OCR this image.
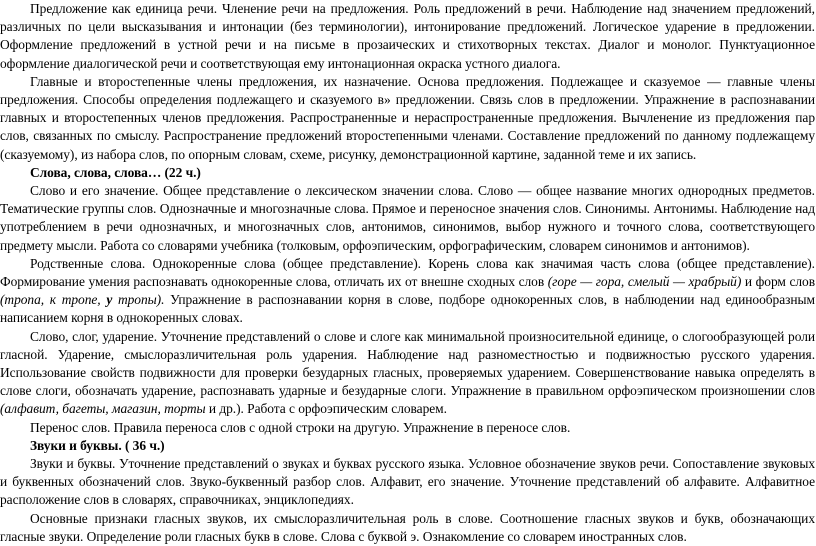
Предложение как единица речи. Членение речи на предложения. Роль предложений в речи. Наблюдение над значением предложений, различных по цели высказывания и интонации (без терминологии), интонирование предложений. Логическое ударение в предложении. Оформление предложений в устной речи и на письме в прозаических и стихотворных текстах. Диалог и монолог. Пунктуационное оформление диалогической речи и соответствующая ему интонационная окраска устного диалога.

Главные и второстепенные члены предложения, их назначение. Основа предложения. Подлежащее и сказуемое — главные члены предложения. Способы определения подлежащего и сказуемого в» предложении. Связь слов в предложении. Упражнение в распознавании главных и второстепенных членов предложения. Распространенные и нераспространенные предложения. Вычленение из предложения пар слов, связанных по смыслу. Распространение предложений второстепенными членами. Составление предложений по данному подлежащему (сказуемому), из набора слов, по опорным словам, схеме, рисунку, демонстрационной картине, заданной теме и их запись.

Слова, слова, слова… (22 ч.)

Слово и его значение. Общее представление о лексическом значении слова. Слово — общее название многих однородных предметов. Тематические группы слов. Однозначные и многозначные слова. Прямое и переносное значения слов. Синонимы. Антонимы. Наблюдение над употреблением в речи однозначных, и многозначных слов, антонимов, синонимов, выбор нужного и точного слова, соответствующего предмету мысли. Работа со словарями учебника (толковым, орфоэпическим, орфографическим, словарем синонимов и антонимов).

Родственные слова. Однокоренные слова (общее представление). Корень слова как значимая часть слова (общее представление). Формирование умения распознавать однокоренные слова, отличать их от внешне сходных слов (горе — гора, смелый — храбрый) и форм слов (тропа, к тропе, у тропы). Упражнение в распознавании корня в слове, подборе однокоренных слов, в наблюдении над единообразным написанием корня в однокоренных словах.

Слово, слог, ударение. Уточнение представлений о слове и слоге как минимальной произносительной единице, о слогообразующей роли гласной. Ударение, смыслоразличительная роль ударения. Наблюдение над разноместностью и подвижностью русского ударения. Использование свойств подвижности для проверки безударных гласных, проверяемых ударением. Совершенствование навыка определять в слове слоги, обозначать ударение, распознавать ударные и безударные слоги. Упражнение в правильном орфоэпическом произношении слов (алфавит, багеты, магазин, торты и др.). Работа с орфоэпическим словарем.

Перенос слов. Правила переноса слов с одной строки на другую. Упражнение в переносе слов.

Звуки и буквы. ( 36 ч.)

Звуки и буквы. Уточнение представлений о звуках и буквах русского языка. Условное обозначение звуков речи. Сопоставление звуковых и буквенных обозначений слов. Звуко-буквенный разбор слов. Алфавит, его значение. Уточнение представлений об алфавите. Алфавитное расположение слов в словарях, справочниках, энциклопедиях.

Основные признаки гласных звуков, их смыслоразличительная роль в слове. Соотношение гласных звуков и букв, обозначающих гласные звуки. Определение роли гласных букв в слове. Слова с буквой э. Ознакомление со словарем иностранных слов.
